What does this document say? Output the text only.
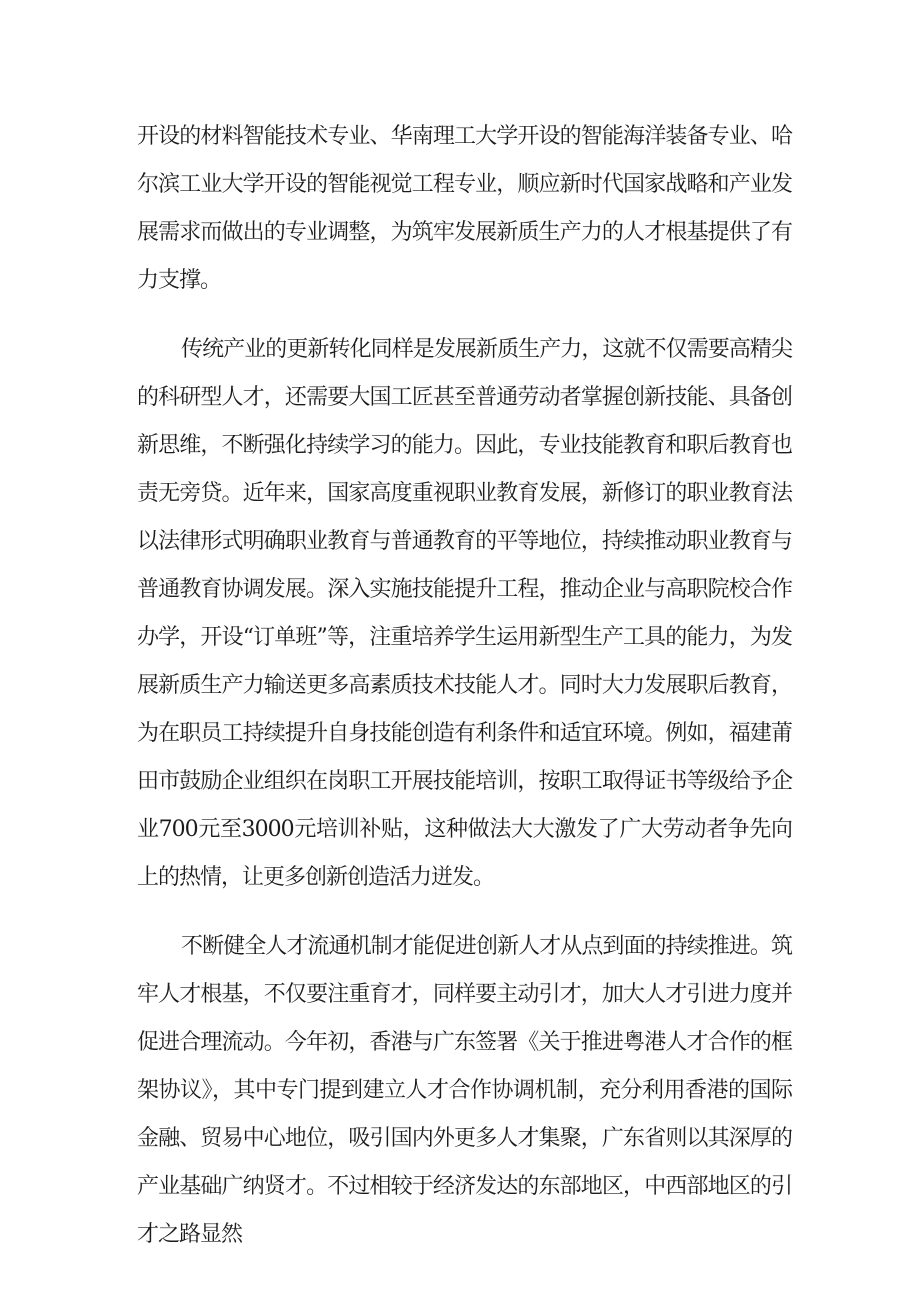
开设的材料智能技术专业、华南理工大学开设的智能海洋装备专业、哈尔滨工业大学开设的智能视觉工程专业，顺应新时代国家战略和产业发展需求而做出的专业调整，为筑牢发展新质生产力的人才根基提供了有力支撑。

传统产业的更新转化同样是发展新质生产力，这就不仅需要高精尖的科研型人才，还需要大国工匠甚至普通劳动者掌握创新技能、具备创新思维，不断强化持续学习的能力。因此，专业技能教育和职后教育也责无旁贷。近年来，国家高度重视职业教育发展，新修订的职业教育法以法律形式明确职业教育与普通教育的平等地位，持续推动职业教育与普通教育协调发展。深入实施技能提升工程，推动企业与高职院校合作办学，开设“订单班”等，注重培养学生运用新型生产工具的能力，为发展新质生产力输送更多高素质技术技能人才。同时大力发展职后教育，为在职员工持续提升自身技能创造有利条件和适宜环境。例如，福建莆田市鼓励企业组织在岗职工开展技能培训，按职工取得证书等级给予企业700元至3000元培训补贴，这种做法大大激发了广大劳动者争先向上的热情，让更多创新创造活力迸发。

不断健全人才流通机制才能促进创新人才从点到面的持续推进。筑牢人才根基，不仅要注重育才，同样要主动引才，加大人才引进力度并促进合理流动。今年初，香港与广东签署《关于推进粤港人才合作的框架协议》，其中专门提到建立人才合作协调机制，充分利用香港的国际金融、贸易中心地位，吸引国内外更多人才集聚，广东省则以其深厚的产业基础广纳贤才。不过相较于经济发达的东部地区，中西部地区的引才之路显然
